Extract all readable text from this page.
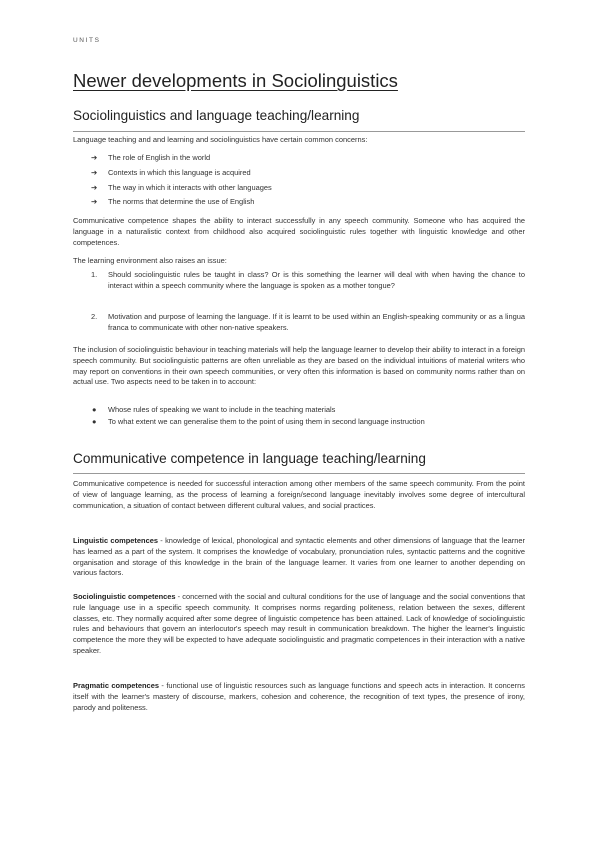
UNITS
Newer developments in Sociolinguistics
Sociolinguistics and language teaching/learning

Language teaching and and learning and sociolinguistics have certain common concerns:

➔ The role of English in the world

➔ Contexts in which this language is acquired

➔ The way in which it interacts with other languages

➔ The norms that determine the use of English

Communicative competence shapes the ability to interact successfully in any speech community. Someone who has acquired the language in a naturalistic context from childhood also acquired sociolinguistic rules together with linguistic knowledge and other competences.

The learning environment also raises an issue:

1. Should sociolinguistic rules be taught in class? Or is this something the learner will deal with when having the chance to interact within a speech community where the language is spoken as a mother tongue?

2. Motivation and purpose of learning the language. If it is learnt to be used within an English-speaking community or as a lingua franca to communicate with other non-native speakers.

The inclusion of sociolinguistic behaviour in teaching materials will help the language learner to develop their ability to interact in a foreign speech community. But sociolinguistic patterns are often unreliable as they are based on the individual intuitions of material writers who may report on conventions in their own speech communities, or very often this information is based on community norms rather than on actual use. Two aspects need to be taken in to account:

● Whose rules of speaking we want to include in the teaching materials

● To what extent we can generalise them to the point of using them in second language instruction

Communicative competence in language teaching/learning

Communicative competence is needed for successful interaction among other members of the same speech community. From the point of view of language learning, as the process of learning a foreign/second language inevitably involves some degree of intercultural communication, a situation of contact between different cultural values, and social practices.

Linguistic competences - knowledge of lexical, phonological and syntactic elements and other dimensions of language that the learner has learned as a part of the system. It comprises the knowledge of vocabulary, pronunciation rules, syntactic patterns and the cognitive organisation and storage of this knowledge in the brain of the language learner. It varies from one learner to another depending on various factors.

Sociolinguistic competences - concerned with the social and cultural conditions for the use of language and the social conventions that rule language use in a specific speech community. It comprises norms regarding politeness, relation between the sexes, different classes, etc. They normally acquired after some degree of linguistic competence has been attained. Lack of knowledge of sociolinguistic rules and behaviours that govern an interlocutor's speech may result in communication breakdown. The higher the learner's linguistic competence the more they will be expected to have adequate sociolinguistic and pragmatic competences in their interaction with a native speaker.

Pragmatic competences - functional use of linguistic resources such as language functions and speech acts in interaction. It concerns itself with the learner's mastery of discourse, markers, cohesion and coherence, the recognition of text types, the presence of irony, parody and politeness.
